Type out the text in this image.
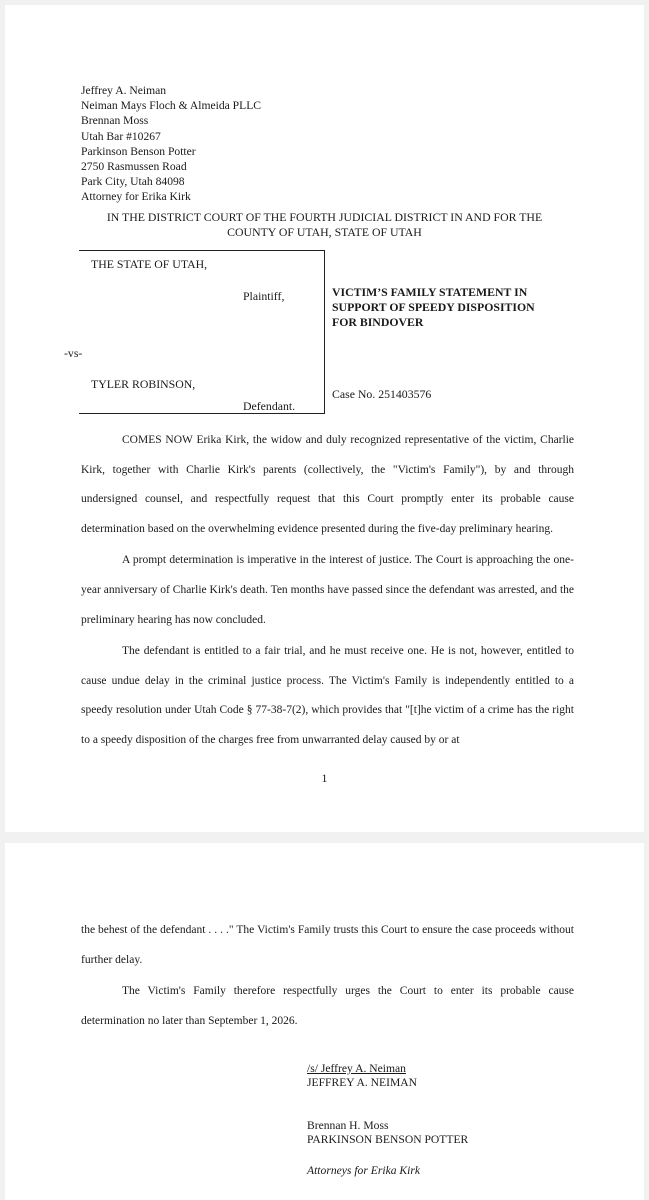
Jeffrey A. Neiman
Neiman Mays Floch & Almeida PLLC
Brennan Moss
Utah Bar #10267
Parkinson Benson Potter
2750 Rasmussen Road
Park City, Utah 84098
Attorney for Erika Kirk
IN THE DISTRICT COURT OF THE FOURTH JUDICIAL DISTRICT IN AND FOR THE
COUNTY OF UTAH, STATE OF UTAH
THE STATE OF UTAH,
Plaintiff,
-vs-
TYLER ROBINSON,
Defendant.
VICTIM’S FAMILY STATEMENT IN
SUPPORT OF SPEEDY DISPOSITION
FOR BINDOVER
Case No. 251403576

COMES NOW Erika Kirk, the widow and duly recognized representative of the victim, Charlie Kirk, together with Charlie Kirk's parents (collectively, the "Victim's Family"), by and through undersigned counsel, and respectfully request that this Court promptly enter its probable cause determination based on the overwhelming evidence presented during the five-day preliminary hearing.

A prompt determination is imperative in the interest of justice. The Court is approaching the one-year anniversary of Charlie Kirk's death. Ten months have passed since the defendant was arrested, and the preliminary hearing has now concluded.

The defendant is entitled to a fair trial, and he must receive one. He is not, however, entitled to cause undue delay in the criminal justice process. The Victim's Family is independently entitled to a speedy resolution under Utah Code § 77-38-7(2), which provides that "[t]he victim of a crime has the right to a speedy disposition of the charges free from unwarranted delay caused by or at

1

the behest of the defendant . . . ." The Victim's Family trusts this Court to ensure the case proceeds without further delay.

The Victim's Family therefore respectfully urges the Court to enter its probable cause determination no later than September 1, 2026.

/s/ Jeffrey A. Neiman
JEFFREY A. NEIMAN
Brennan H. Moss
PARKINSON BENSON POTTER
Attorneys for Erika Kirk
